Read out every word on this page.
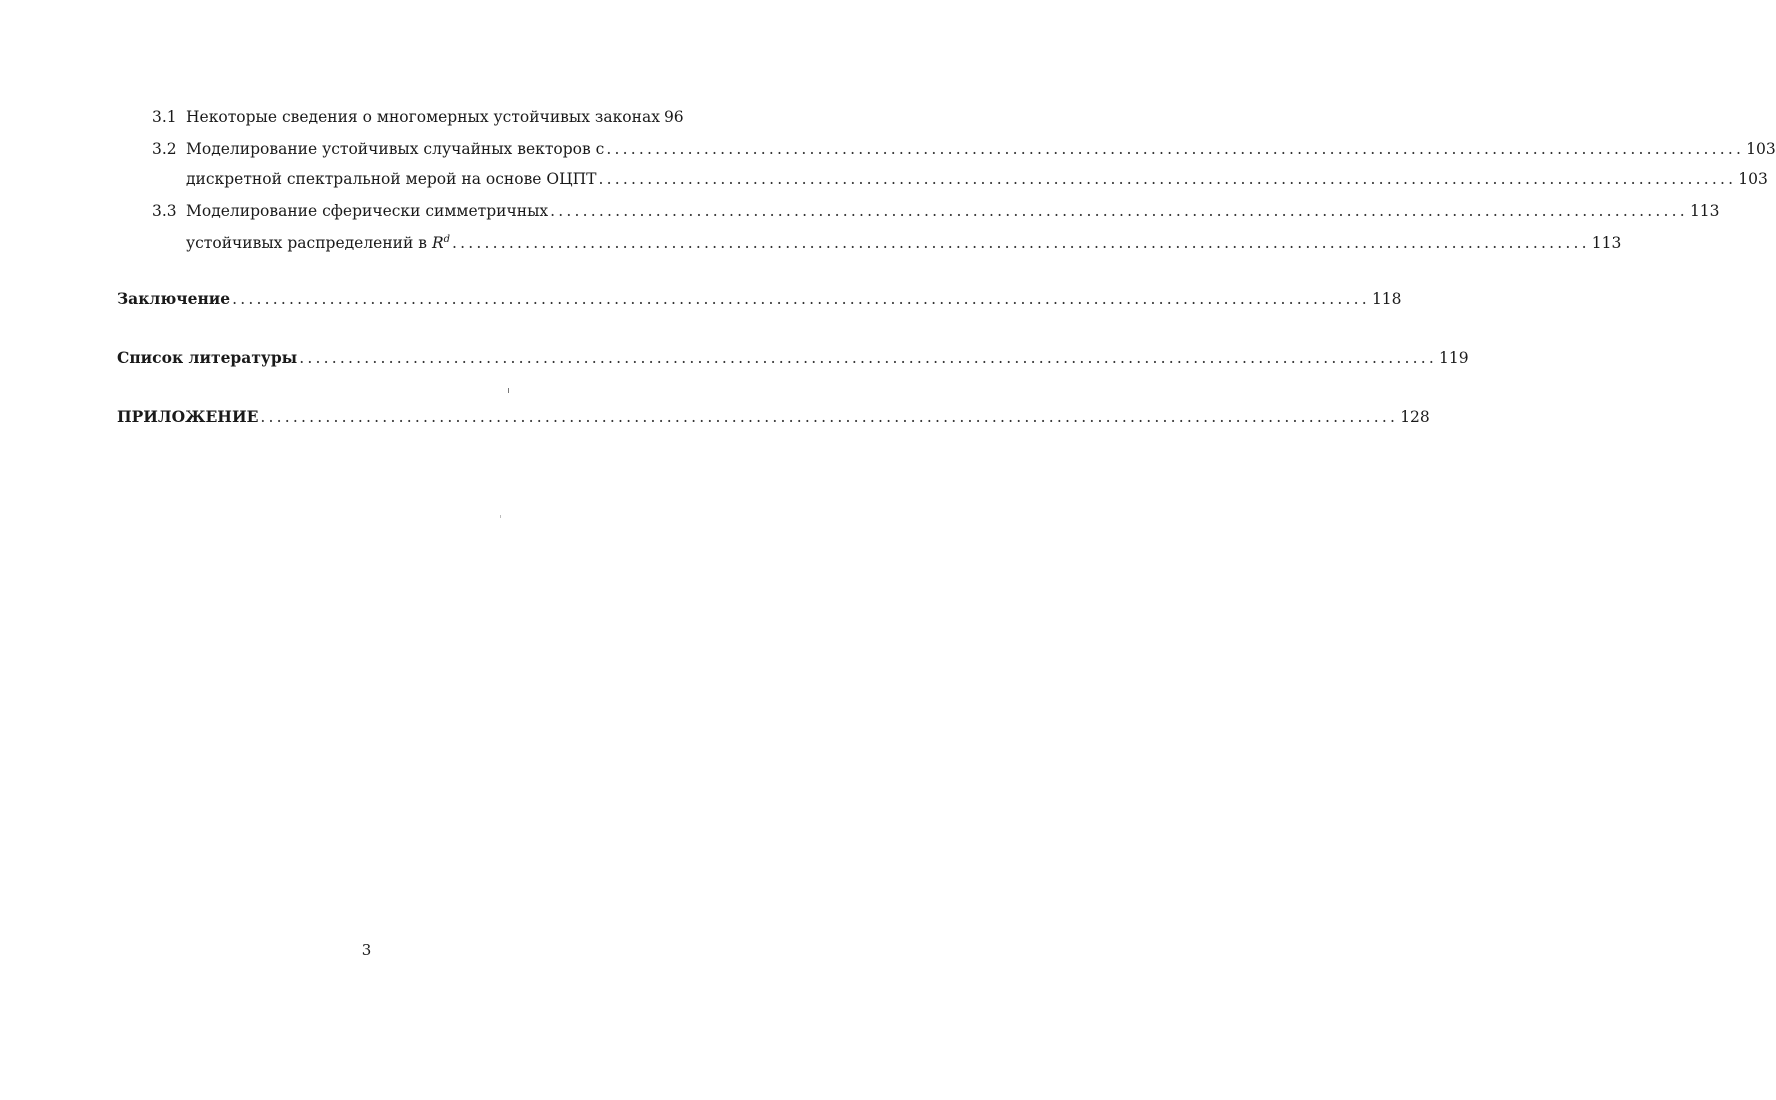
3.1 Некоторые сведения о многомерных устойчивых законах 96
3.2 Моделирование устойчивых случайных векторов с ............................................................................................................................................ 103
дискретной спектральной мерой на основе ОЦПТ ............................................................................................................................................ 103
3.3 Моделирование сферически симметричных ............................................................................................................................................ 113
устойчивых распределений в $R^d$ ............................................................................................................................................ 113
Заключение ............................................................................................................................................ 118
Список литературы ............................................................................................................................................ 119
ПРИЛОЖЕНИЕ ............................................................................................................................................ 128
3
